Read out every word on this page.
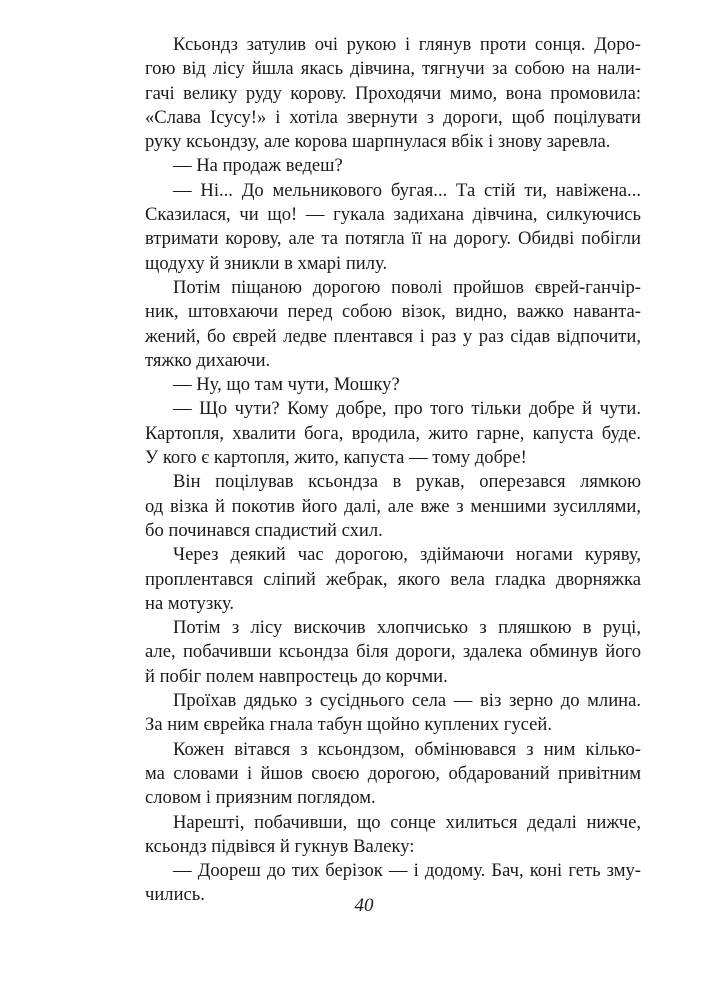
Ксьондз затулив очі рукою і глянув проти сонця. Доро-
гою від лісу йшла якась дівчина, тягнучи за собою на нали-
гачі велику руду корову. Проходячи мимо, вона промовила:
«Слава Ісусу!» і хотіла звернути з дороги, щоб поцілувати
руку ксьондзу, але корова шарпнулася вбік і знову заревла.
— На продаж ведеш?
— Ні... До мельникового бугая... Та стій ти, навіжена...
Сказилася, чи що! — гукала задихана дівчина, силкуючись
втримати корову, але та потягла її на дорогу. Обидві побігли
щодуху й зникли в хмарі пилу.
Потім піщаною дорогою поволі пройшов єврей-ганчір-
ник, штовхаючи перед собою візок, видно, важко наванта-
жений, бо єврей ледве плентався і раз у раз сідав відпочити,
тяжко дихаючи.
— Ну, що там чути, Мошку?
— Що чути? Кому добре, про того тільки добре й чути.
Картопля, хвалити бога, вродила, жито гарне, капуста буде.
У кого є картопля, жито, капуста — тому добре!
Він поцілував ксьондза в рукав, оперезався лямкою
од візка й покотив його далі, але вже з меншими зусиллями,
бо починався спадистий схил.
Через деякий час дорогою, здіймаючи ногами куряву,
проплентався сліпий жебрак, якого вела гладка дворняжка
на мотузку.
Потім з лісу вискочив хлопчисько з пляшкою в руці,
але, побачивши ксьондза біля дороги, здалека обминув його
й побіг полем навпростець до корчми.
Проїхав дядько з сусіднього села — віз зерно до млина.
За ним єврейка гнала табун щойно куплених гусей.
Кожен вітався з ксьондзом, обмінювався з ним кілько-
ма словами і йшов своєю дорогою, обдарований привітним
словом і приязним поглядом.
Нарешті, побачивши, що сонце хилиться дедалі нижче,
ксьондз підвівся й гукнув Валеку:
— Доореш до тих берізок — і додому. Бач, коні геть зму-
чились.
40
